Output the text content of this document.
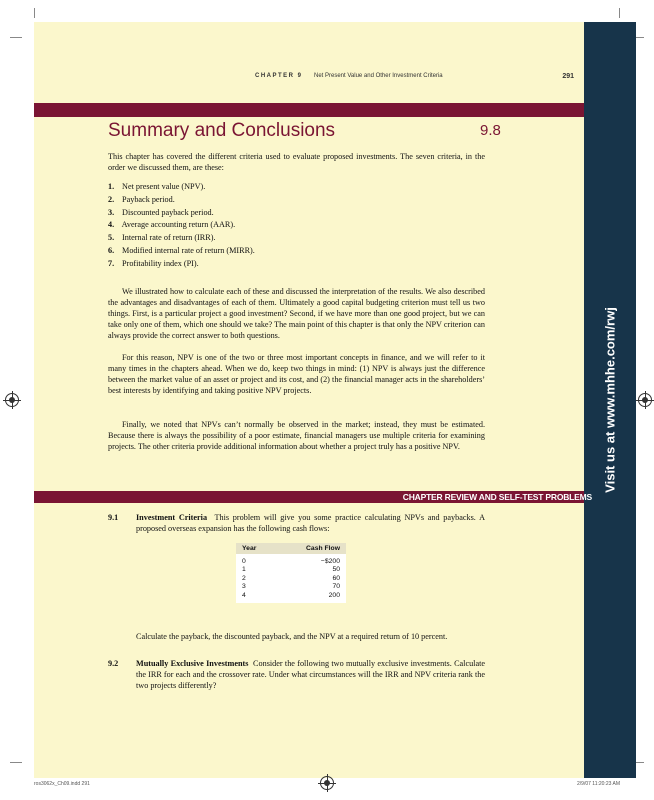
Visit us at www.mhhe.com/rwj
CHAPTER 9 Net Present Value and Other Investment Criteria	291
Summary and Conclusions	9.8

This chapter has covered the different criteria used to evaluate proposed investments. The seven criteria, in the order we discussed them, are these:

1. Net present value (NPV).
2. Payback period.
3. Discounted payback period.
4. Average accounting return (AAR).
5. Internal rate of return (IRR).
6. Modified internal rate of return (MIRR).
7. Profitability index (PI).

We illustrated how to calculate each of these and discussed the interpretation of the results. We also described the advantages and disadvantages of each of them. Ultimately a good capital budgeting criterion must tell us two things. First, is a particular project a good investment? Second, if we have more than one good project, but we can take only one of them, which one should we take? The main point of this chapter is that only the NPV criterion can always provide the correct answer to both questions.

For this reason, NPV is one of the two or three most important concepts in finance, and we will refer to it many times in the chapters ahead. When we do, keep two things in mind: (1) NPV is always just the difference between the market value of an asset or project and its cost, and (2) the financial manager acts in the shareholders’ best interests by identifying and taking positive NPV projects.

Finally, we noted that NPVs can’t normally be observed in the market; instead, they must be estimated. Because there is always the possibility of a poor estimate, financial managers use multiple criteria for examining projects. The other criteria provide additional information about whether a project truly has a positive NPV.

CHAPTER REVIEW AND SELF-TEST PROBLEMS
9.1 Investment Criteria This problem will give you some practice calculating NPVs and paybacks. A proposed overseas expansion has the following cash flows:
Year	Cash Flow
0	−$200
1	50
2	60
3	70
4	200
Calculate the payback, the discounted payback, and the NPV at a required return of 10 percent.
9.2 Mutually Exclusive Investments Consider the following two mutually exclusive investments. Calculate the IRR for each and the crossover rate. Under what circumstances will the IRR and NPV criteria rank the two projects differently?
ros3062x_Ch09.indd 291	2/9/07 11:20:23 AM
